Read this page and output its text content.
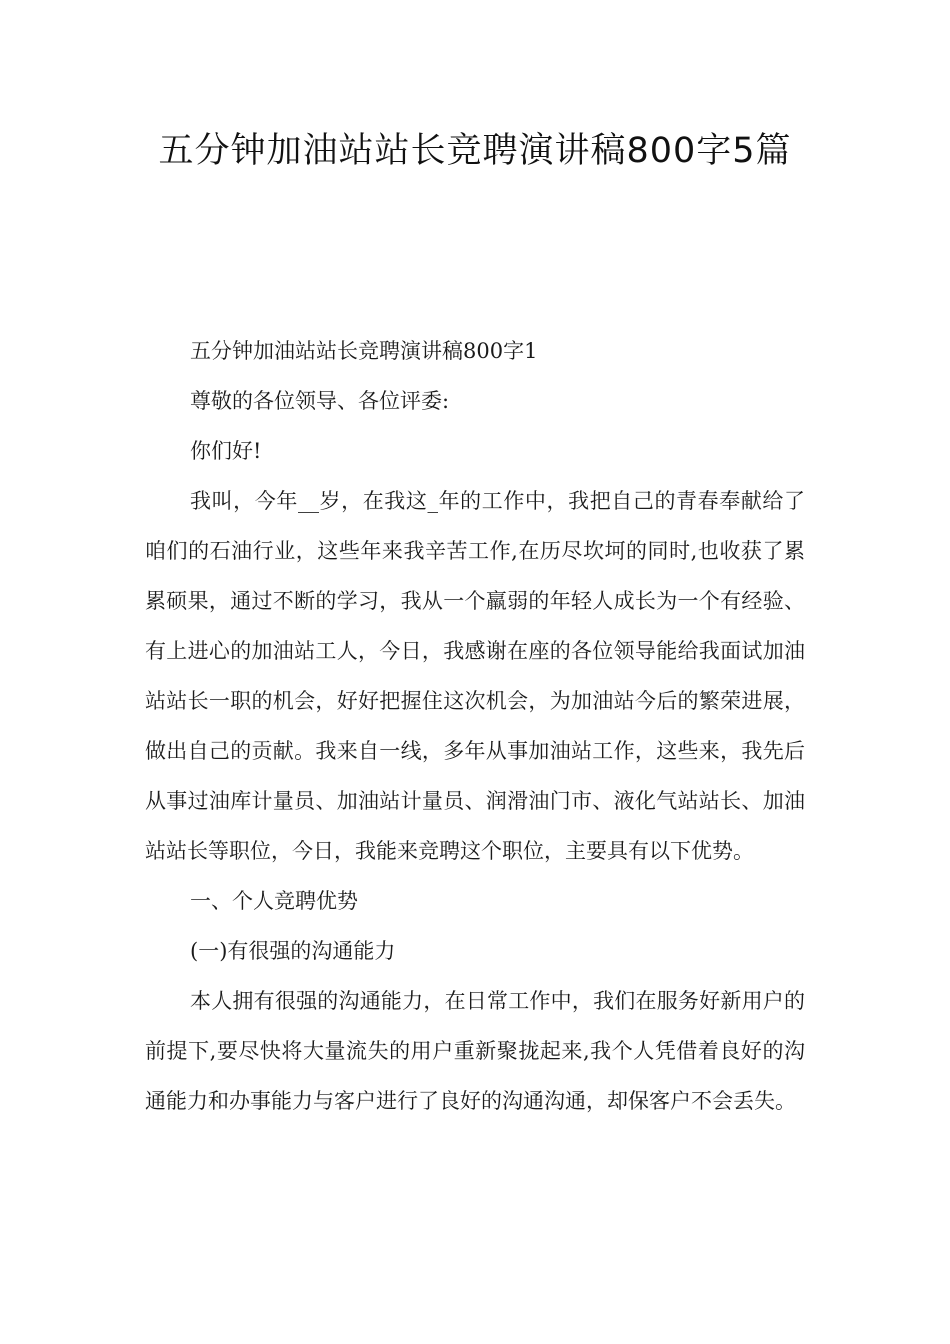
五分钟加油站站长竞聘演讲稿800字5篇

五分钟加油站站长竞聘演讲稿800字1

尊敬的各位领导、各位评委:

你们好!

我叫，今年__岁，在我这_年的工作中，我把自己的青春奉献给了咱们的石油行业，这些年来我辛苦工作,在历尽坎坷的同时,也收获了累累硕果，通过不断的学习，我从一个羸弱的年轻人成长为一个有经验、有上进心的加油站工人，今日，我感谢在座的各位领导能给我面试加油站站长一职的机会，好好把握住这次机会，为加油站今后的繁荣进展，做出自己的贡献。我来自一线，多年从事加油站工作，这些来，我先后从事过油库计量员、加油站计量员、润滑油门市、液化气站站长、加油站站长等职位，今日，我能来竞聘这个职位，主要具有以下优势。

一、个人竞聘优势

(一)有很强的沟通能力

本人拥有很强的沟通能力，在日常工作中，我们在服务好新用户的前提下,要尽快将大量流失的用户重新聚拢起来,我个人凭借着良好的沟通能力和办事能力与客户进行了良好的沟通沟通，却保客户不会丢失。
